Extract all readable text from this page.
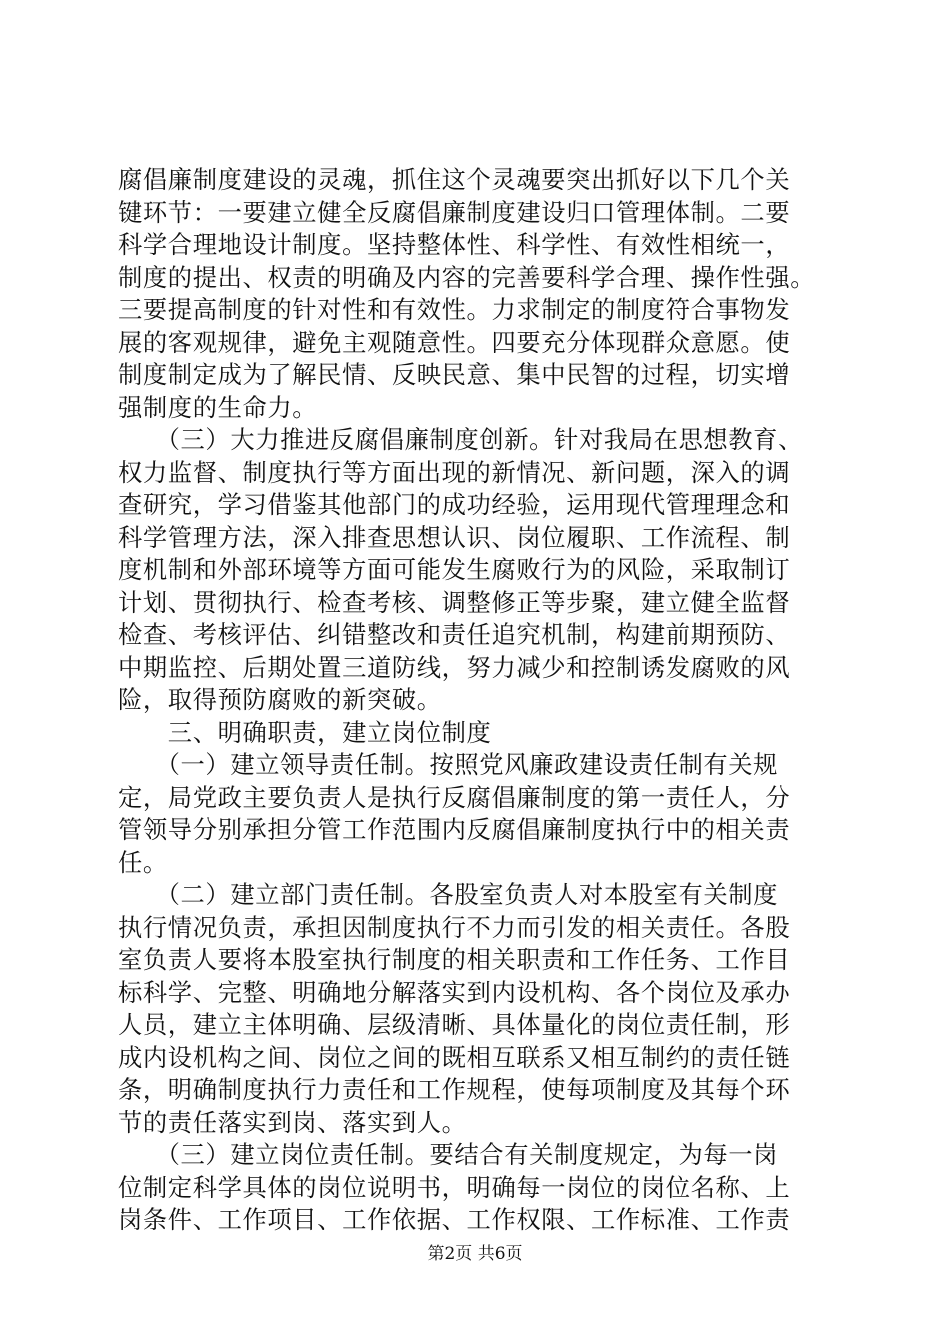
腐倡廉制度建设的灵魂，抓住这个灵魂要突出抓好以下几个关
键环节：一要建立健全反腐倡廉制度建设归口管理体制。二要
科学合理地设计制度。坚持整体性、科学性、有效性相统一，
制度的提出、权责的明确及内容的完善要科学合理、操作性强。
三要提高制度的针对性和有效性。力求制定的制度符合事物发
展的客观规律，避免主观随意性。四要充分体现群众意愿。使
制度制定成为了解民情、反映民意、集中民智的过程，切实增
强制度的生命力。
　　（三）大力推进反腐倡廉制度创新。针对我局在思想教育、
权力监督、制度执行等方面出现的新情况、新问题，深入的调
查研究，学习借鉴其他部门的成功经验，运用现代管理理念和
科学管理方法，深入排查思想认识、岗位履职、工作流程、制
度机制和外部环境等方面可能发生腐败行为的风险，采取制订
计划、贯彻执行、检查考核、调整修正等步聚，建立健全监督
检查、考核评估、纠错整改和责任追究机制，构建前期预防、
中期监控、后期处置三道防线，努力减少和控制诱发腐败的风
险，取得预防腐败的新突破。
　　三、明确职责，建立岗位制度
　　（一）建立领导责任制。按照党风廉政建设责任制有关规
定，局党政主要负责人是执行反腐倡廉制度的第一责任人，分
管领导分别承担分管工作范围内反腐倡廉制度执行中的相关责
任。
　　（二）建立部门责任制。各股室负责人对本股室有关制度
执行情况负责，承担因制度执行不力而引发的相关责任。各股
室负责人要将本股室执行制度的相关职责和工作任务、工作目
标科学、完整、明确地分解落实到内设机构、各个岗位及承办
人员，建立主体明确、层级清晰、具体量化的岗位责任制，形
成内设机构之间、岗位之间的既相互联系又相互制约的责任链
条，明确制度执行力责任和工作规程，使每项制度及其每个环
节的责任落实到岗、落实到人。
　　（三）建立岗位责任制。要结合有关制度规定，为每一岗
位制定科学具体的岗位说明书，明确每一岗位的岗位名称、上
岗条件、工作项目、工作依据、工作权限、工作标准、工作责
第2页 共6页
